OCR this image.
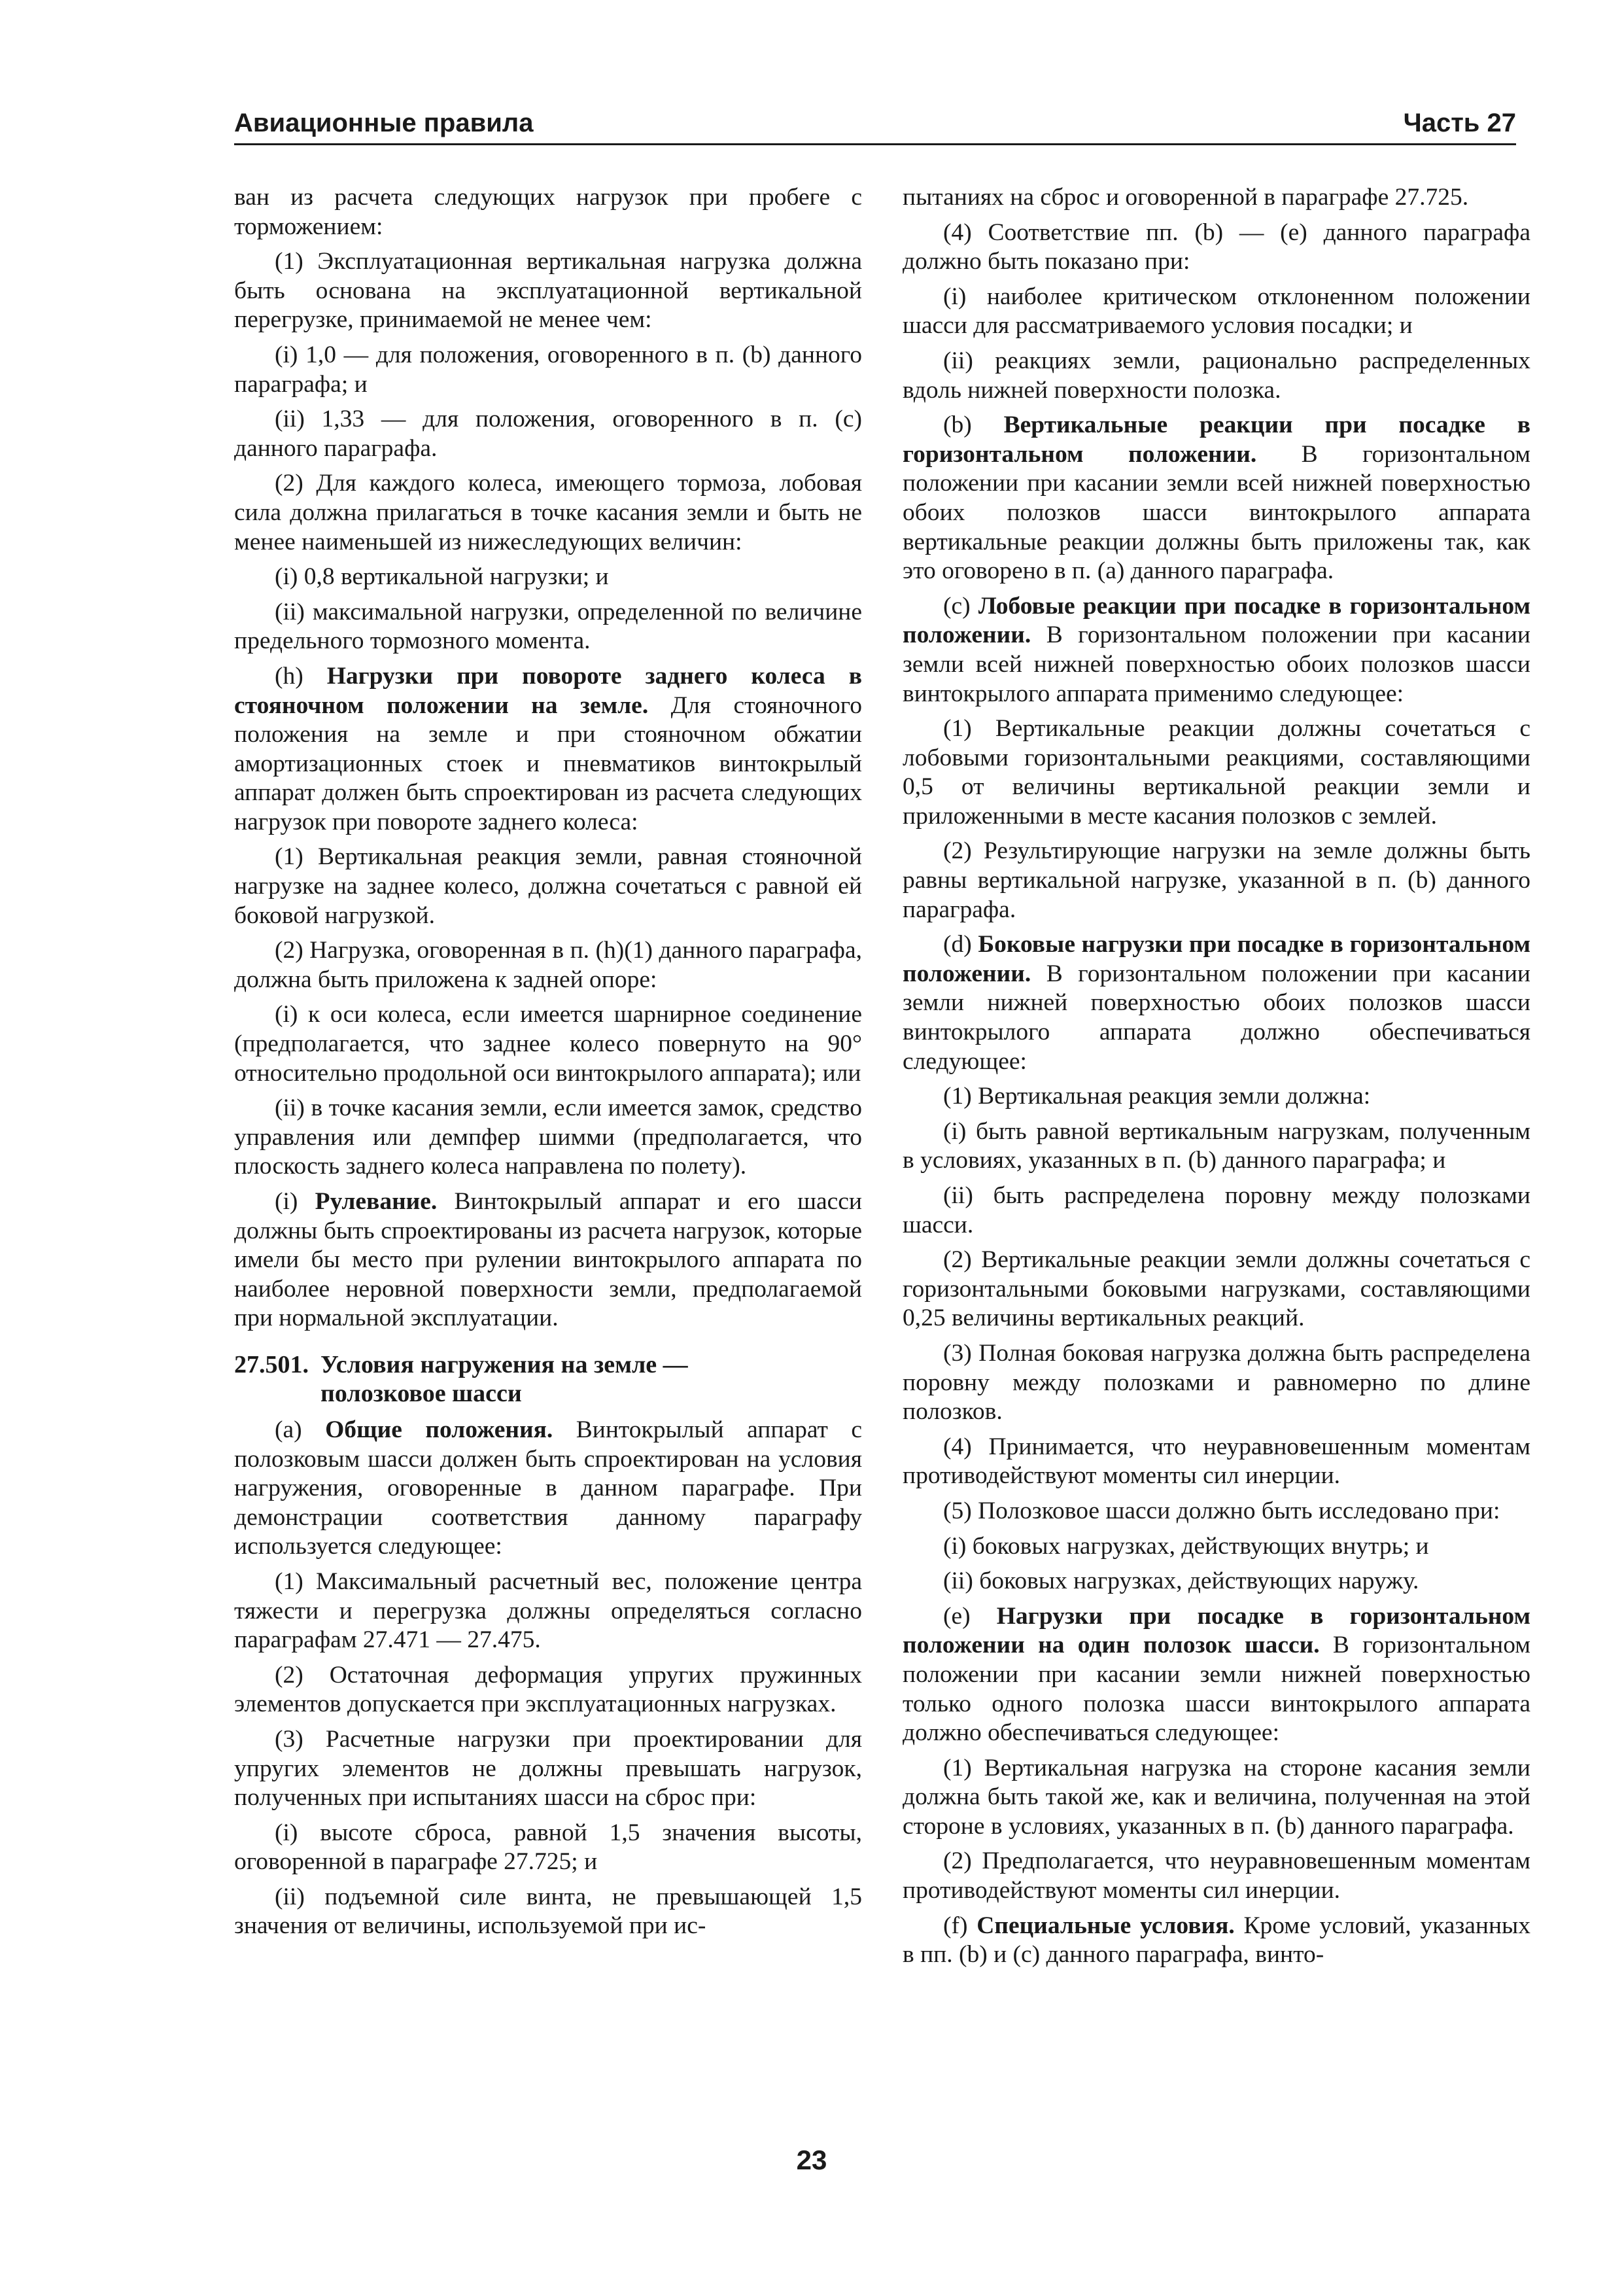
Авиационные правила	Часть 27

ван из расчета следующих нагрузок при пробеге с торможением:

(1) Эксплуатационная вертикальная нагрузка должна быть основана на эксплуатационной вертикальной перегрузке, принимаемой не менее чем:

(i) 1,0 — для положения, оговоренного в п. (b) данного параграфа; и

(ii) 1,33 — для положения, оговоренного в п. (c) данного параграфа.

(2) Для каждого колеса, имеющего тормоза, лобовая сила должна прилагаться в точке касания земли и быть не менее наименьшей из нижеследующих величин:

(i) 0,8 вертикальной нагрузки; и

(ii) максимальной нагрузки, определенной по величине предельного тормозного момента.

(h) Нагрузки при повороте заднего колеса в стояночном положении на земле. Для стояночного положения на земле и при стояночном обжатии амортизационных стоек и пневматиков винтокрылый аппарат должен быть спроектирован из расчета следующих нагрузок при повороте заднего колеса:

(1) Вертикальная реакция земли, равная стояночной нагрузке на заднее колесо, должна сочетаться с равной ей боковой нагрузкой.

(2) Нагрузка, оговоренная в п. (h)(1) данного параграфа, должна быть приложена к задней опоре:

(i) к оси колеса, если имеется шарнирное соединение (предполагается, что заднее колесо повернуто на 90° относительно продольной оси винтокрылого аппарата); или

(ii) в точке касания земли, если имеется замок, средство управления или демпфер шимми (предполагается, что плоскость заднего колеса направлена по полету).

(i) Рулевание. Винтокрылый аппарат и его шасси должны быть спроектированы из расчета нагрузок, которые имели бы место при рулении винтокрылого аппарата по наиболее неровной поверхности земли, предполагаемой при нормальной эксплуатации.

27.501. Условия нагружения на земле —
полозковое шасси

(а) Общие положения. Винтокрылый аппарат с полозковым шасси должен быть спроектирован на условия нагружения, оговоренные в данном параграфе. При демонстрации соответствия данному параграфу используется следующее:

(1) Максимальный расчетный вес, положение центра тяжести и перегрузка должны определяться согласно параграфам 27.471 — 27.475.

(2) Остаточная деформация упругих пружинных элементов допускается при эксплуатационных нагрузках.

(3) Расчетные нагрузки при проектировании для упругих элементов не должны превышать нагрузок, полученных при испытаниях шасси на сброс при:

(i) высоте сброса, равной 1,5 значения высоты, оговоренной в параграфе 27.725; и

(ii) подъемной силе винта, не превышающей 1,5 значения от величины, используемой при ис-

пытаниях на сброс и оговоренной в параграфе 27.725.

(4) Соответствие пп. (b) — (e) данного параграфа должно быть показано при:

(i) наиболее критическом отклоненном положении шасси для рассматриваемого условия посадки; и

(ii) реакциях земли, рационально распределенных вдоль нижней поверхности полозка.

(b) Вертикальные реакции при посадке в горизонтальном положении. В горизонтальном положении при касании земли всей нижней поверхностью обоих полозков шасси винтокрылого аппарата вертикальные реакции должны быть приложены так, как это оговорено в п. (а) данного параграфа.

(с) Лобовые реакции при посадке в горизонтальном положении. В горизонтальном положении при касании земли всей нижней поверхностью обоих полозков шасси винтокрылого аппарата применимо следующее:

(1) Вертикальные реакции должны сочетаться с лобовыми горизонтальными реакциями, составляющими 0,5 от величины вертикальной реакции земли и приложенными в месте касания полозков с землей.

(2) Результирующие нагрузки на земле должны быть равны вертикальной нагрузке, указанной в п. (b) данного параграфа.

(d) Боковые нагрузки при посадке в горизонтальном положении. В горизонтальном положении при касании земли нижней поверхностью обоих полозков шасси винтокрылого аппарата должно обеспечиваться следующее:

(1) Вертикальная реакция земли должна:

(i) быть равной вертикальным нагрузкам, полученным в условиях, указанных в п. (b) данного параграфа; и

(ii) быть распределена поровну между полозками шасси.

(2) Вертикальные реакции земли должны сочетаться с горизонтальными боковыми нагрузками, составляющими 0,25 величины вертикальных реакций.

(3) Полная боковая нагрузка должна быть распределена поровну между полозками и равномерно по длине полозков.

(4) Принимается, что неуравновешенным моментам противодействуют моменты сил инерции.

(5) Полозковое шасси должно быть исследовано при:

(i) боковых нагрузках, действующих внутрь; и

(ii) боковых нагрузках, действующих наружу.

(е) Нагрузки при посадке в горизонтальном положении на один полозок шасси. В горизонтальном положении при касании земли нижней поверхностью только одного полозка шасси винтокрылого аппарата должно обеспечиваться следующее:

(1) Вертикальная нагрузка на стороне касания земли должна быть такой же, как и величина, полученная на этой стороне в условиях, указанных в п. (b) данного параграфа.

(2) Предполагается, что неуравновешенным моментам противодействуют моменты сил инерции.

(f) Специальные условия. Кроме условий, указанных в пп. (b) и (с) данного параграфа, винто-

23
